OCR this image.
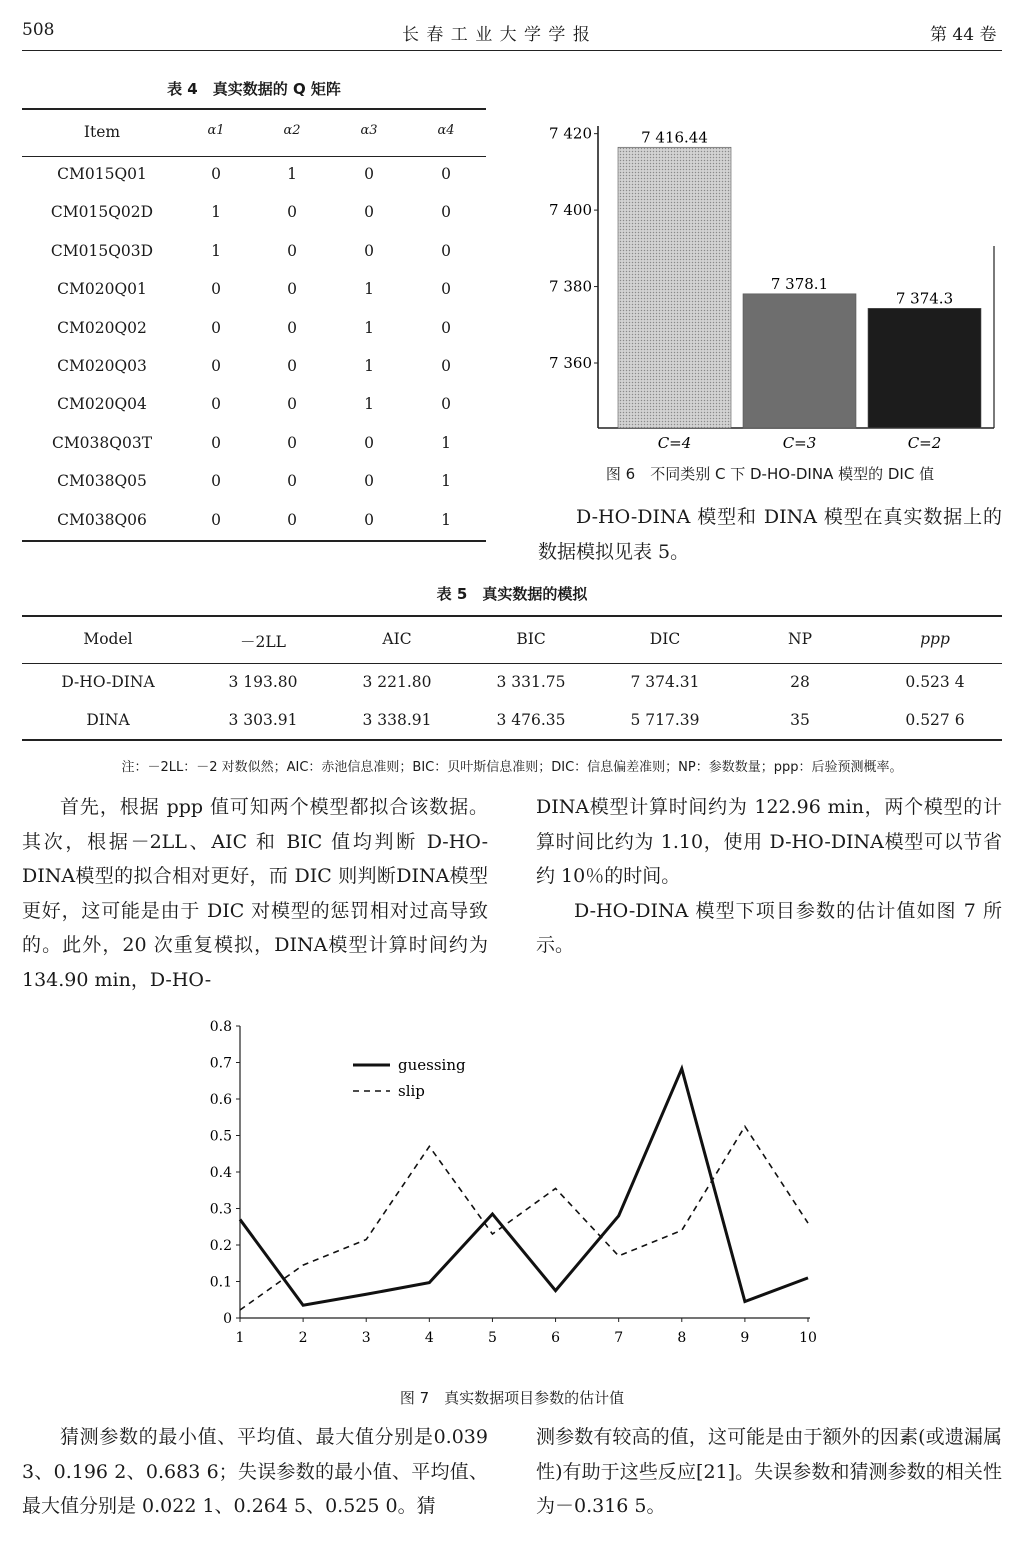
508	长 春 工 业 大 学 学 报	第 44 卷
表 4　真实数据的 Q 矩阵
Item	α1	α2	α3	α4
CM015Q01	0	1	0	0
CM015Q02D	1	0	0	0
CM015Q03D	1	0	0	0
CM020Q01	0	0	1	0
CM020Q02	0	0	1	0
CM020Q03	0	0	1	0
CM020Q04	0	0	1	0
CM038Q03T	0	0	0	1
CM038Q05	0	0	0	1
CM038Q06	0	0	0	1
7 360
7 380
7 400
7 420	7 416.44
C=4
7 378.1
C=3
7 374.3
C=2
图 6　不同类别 C 下 D-HO-DINA 模型的 DIC 值

D-HO-DINA 模型和 DINA 模型在真实数据上的数据模拟见表 5。

表 5　真实数据的模拟
Model	－2LL	AIC	BIC	DIC	NP	ppp
D-HO-DINA	3 193.80	3 221.80	3 331.75	7 374.31	28	0.523 4
DINA	3 303.91	3 338.91	3 476.35	5 717.39	35	0.527 6
注：－2LL：－2 对数似然；AIC：赤池信息准则；BIC：贝叶斯信息准则；DIC：信息偏差准则；NP：参数数量；ppp：后验预测概率。

首先，根据 ppp 值可知两个模型都拟合该数据。其次，根据－2LL、AIC 和 BIC 值均判断 D-HO-DINA模型的拟合相对更好，而 DIC 则判断DINA模型更好，这可能是由于 DIC 对模型的惩罚相对过高导致的。此外，20 次重复模拟，DINA模型计算时间约为 134.90 min，D-HO-

DINA模型计算时间约为 122.96 min，两个模型的计算时间比约为 1.10，使用 D-HO-DINA模型可以节省约 10％的时间。

D-HO-DINA 模型下项目参数的估计值如图 7 所示。

0
0.1
0.2
0.3
0.4
0.5
0.6
0.7
0.8
1	2	3	4	5	6	7	8	9	10
guessing
slip
图 7　真实数据项目参数的估计值

猜测参数的最小值、平均值、最大值分别是0.039 3、0.196 2、0.683 6；失误参数的最小值、平均值、最大值分别是 0.022 1、0.264 5、0.525 0。猜

测参数有较高的值，这可能是由于额外的因素(或遗漏属性)有助于这些反应[21]。失误参数和猜测参数的相关性为－0.316 5。
